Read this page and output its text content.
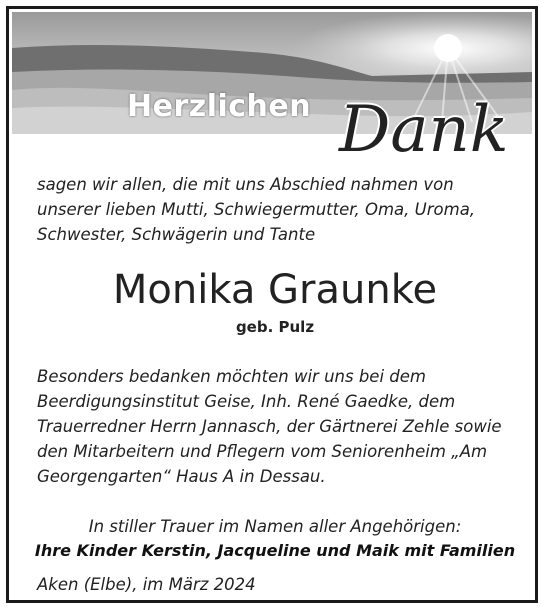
Herzlichen Dank

sagen wir allen, die mit uns Abschied nahmen von unserer lieben Mutti, Schwiegermutter, Oma, Uroma, Schwester, Schwägerin und Tante

Monika Graunke

geb. Pulz

Besonders bedanken möchten wir uns bei dem Beerdigungsinstitut Geise, Inh. René Gaedke, dem Trauerredner Herrn Jannasch, der Gärtnerei Zehle sowie den Mitarbeitern und Pflegern vom Seniorenheim „Am Georgengarten“ Haus A in Dessau.

In stiller Trauer im Namen aller Angehörigen:

Ihre Kinder Kerstin, Jacqueline und Maik mit Familien

Aken (Elbe), im März 2024
